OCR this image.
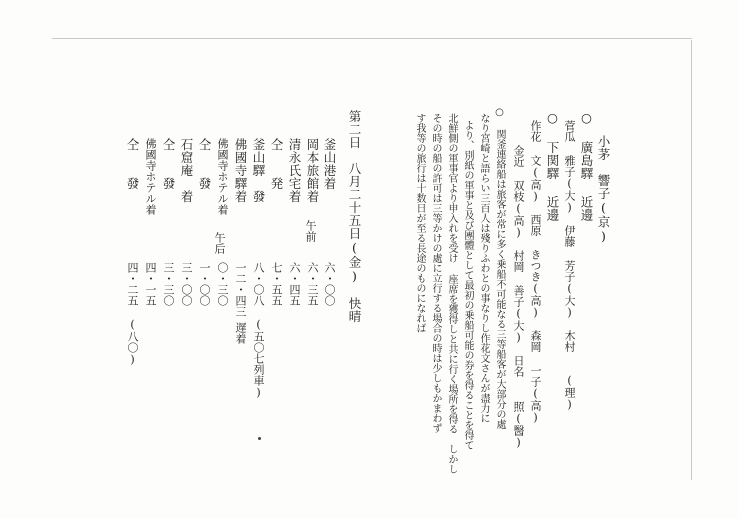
小茅　響子(京)
○ 廣島驛 近邊
菅瓜 雅子(大)　伊藤 芳子(大)　木村　　(理)
○ 下関驛 近邊
作花 文(高)　西原 きつき(高)　森岡 一子(高)
金近 双枝(高)　村岡 善子(大)　日名 　照(醫)
○ 関釜連絡船は旅客が常に多く乗船不可能なる三等船客が大部分の處
なり宮崎と語らい三百人は殘りふわとの事なりし作花文さんが盡力に
より、別紙の軍事と及び團體として最初の乗船可能の券を得ることを得て
北鮮側の軍事官より申入れを受け 座席を獲得しと共に行く場所を得る　しかし
その時の船の許可は三等かけの處に立行する場合の時は少しもかまわず
す我等の旅行は十数日が至る長途のものになれば
第二日　八月二十五日(金)　快晴
釜山港着
岡本旅館着
清永氏宅着
仝　　発
釜山驛　發
佛國寺驛着
佛國寺ホテル着
仝　　發
石窟庵　着
仝　　發
佛國寺ホテル着
仝　　發
午前
午后
六・〇〇
六・三五
六・四五
七・五五
八・〇八
一二・四三
〇・三〇
一・〇〇
三・〇〇
三・三〇
四・一五
四・二五
(五〇七列車)
遅着
(八〇)
